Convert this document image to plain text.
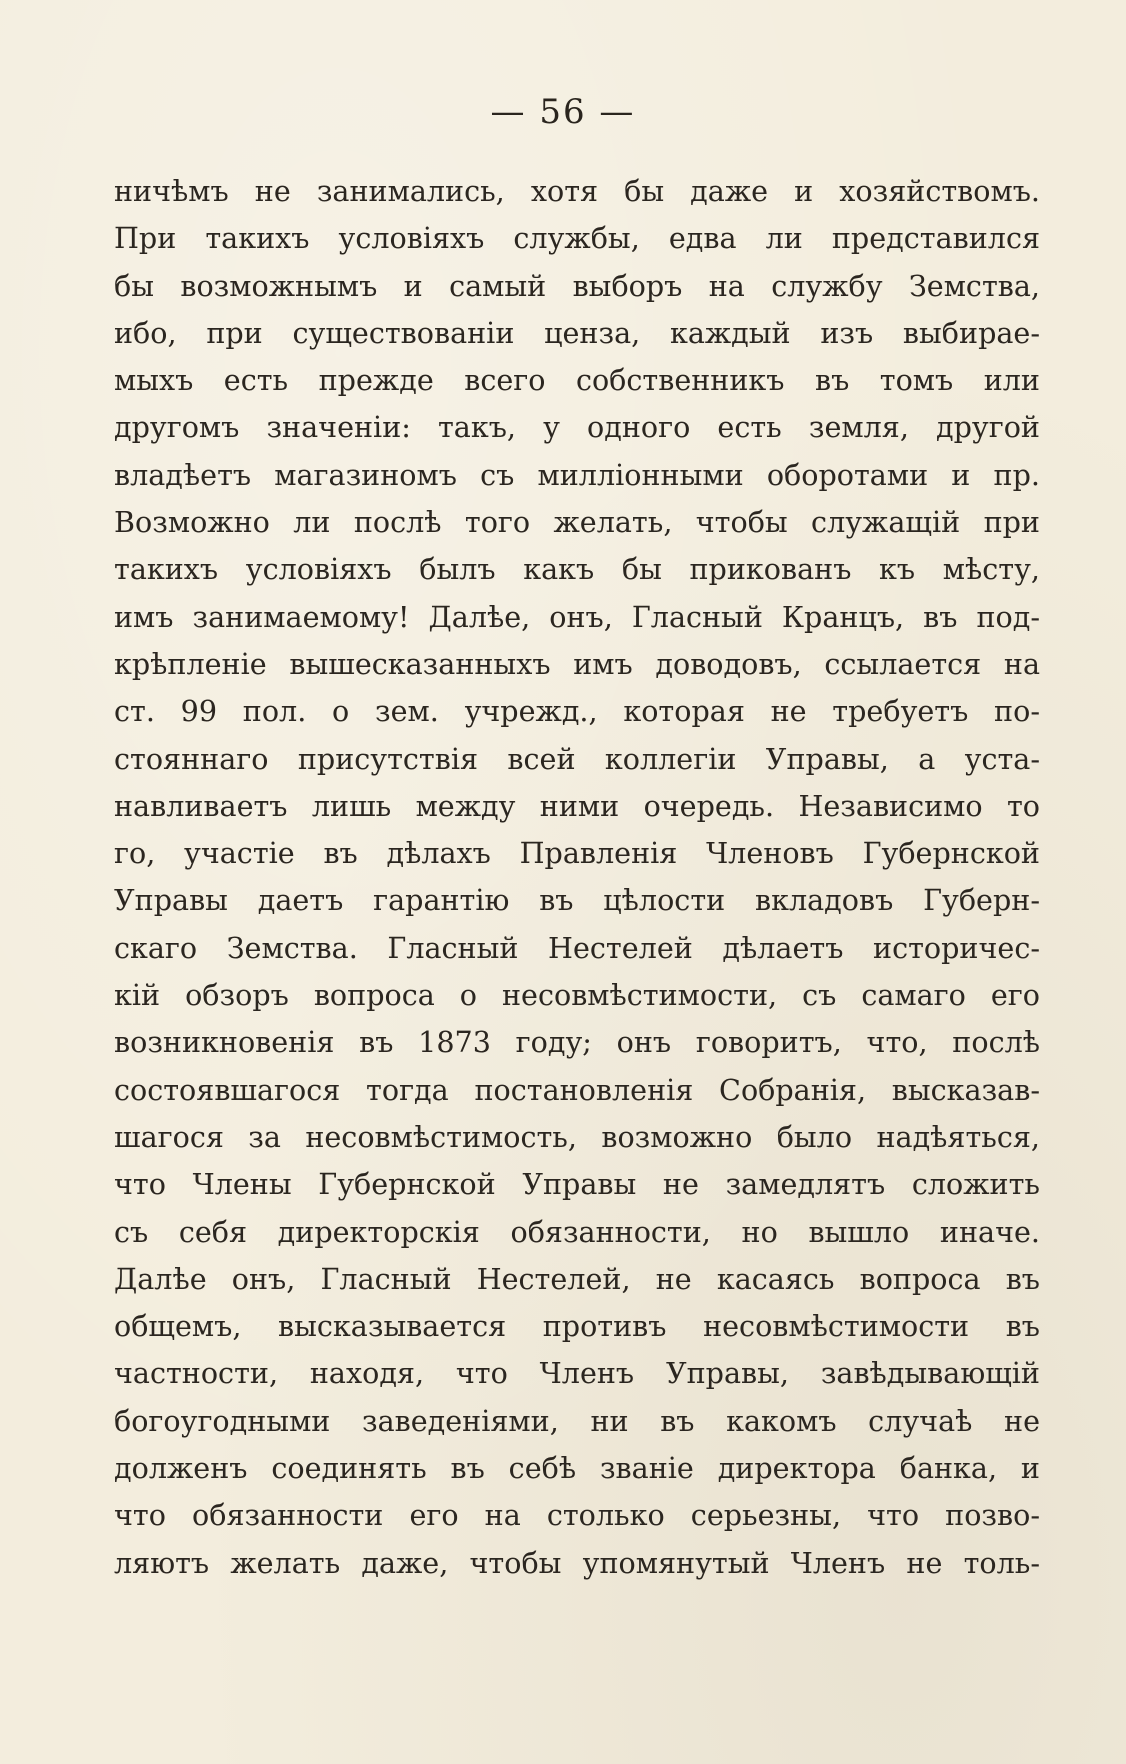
— 56 —
ничѣмъ не занимались, хотя бы даже и хозяйствомъ.
При такихъ условіяхъ службы, едва ли представился
бы возможнымъ и самый выборъ на службу Земства,
ибо, при существованіи ценза, каждый изъ выбирае-
мыхъ есть прежде всего собственникъ въ томъ или
другомъ значеніи: такъ, у одного есть земля, другой
владѣетъ магазиномъ съ милліонными оборотами и пр.
Возможно ли послѣ того желать, чтобы служащій при
такихъ условіяхъ былъ какъ бы прикованъ къ мѣсту,
имъ занимаемому! Далѣе, онъ, Гласный Кранцъ, въ под-
крѣпленіе вышесказанныхъ имъ доводовъ, ссылается на
ст. 99 пол. о зем. учрежд., которая не требуетъ по-
стояннаго присутствія всей коллегіи Управы, а уста-
навливаетъ лишь между ними очередь. Независимо то
го, участіе въ дѣлахъ Правленія Членовъ Губернской
Управы даетъ гарантію въ цѣлости вкладовъ Губерн-
скаго Земства. Гласный Нестелей дѣлаетъ историчес-
кій обзоръ вопроса о несовмѣстимости, съ самаго его
возникновенія въ 1873 году; онъ говоритъ, что, послѣ
состоявшагося тогда постановленія Собранія, высказав-
шагося за несовмѣстимость, возможно было надѣяться,
что Члены Губернской Управы не замедлятъ сложить
съ себя директорскія обязанности, но вышло иначе.
Далѣе онъ, Гласный Нестелей, не касаясь вопроса въ
общемъ, высказывается противъ несовмѣстимости въ
частности, находя, что Членъ Управы, завѣдывающій
богоугодными заведеніями, ни въ какомъ случаѣ не
долженъ соединять въ себѣ званіе директора банка, и
что обязанности его на столько серьезны, что позво-
ляютъ желать даже, чтобы упомянутый Членъ не толь-
